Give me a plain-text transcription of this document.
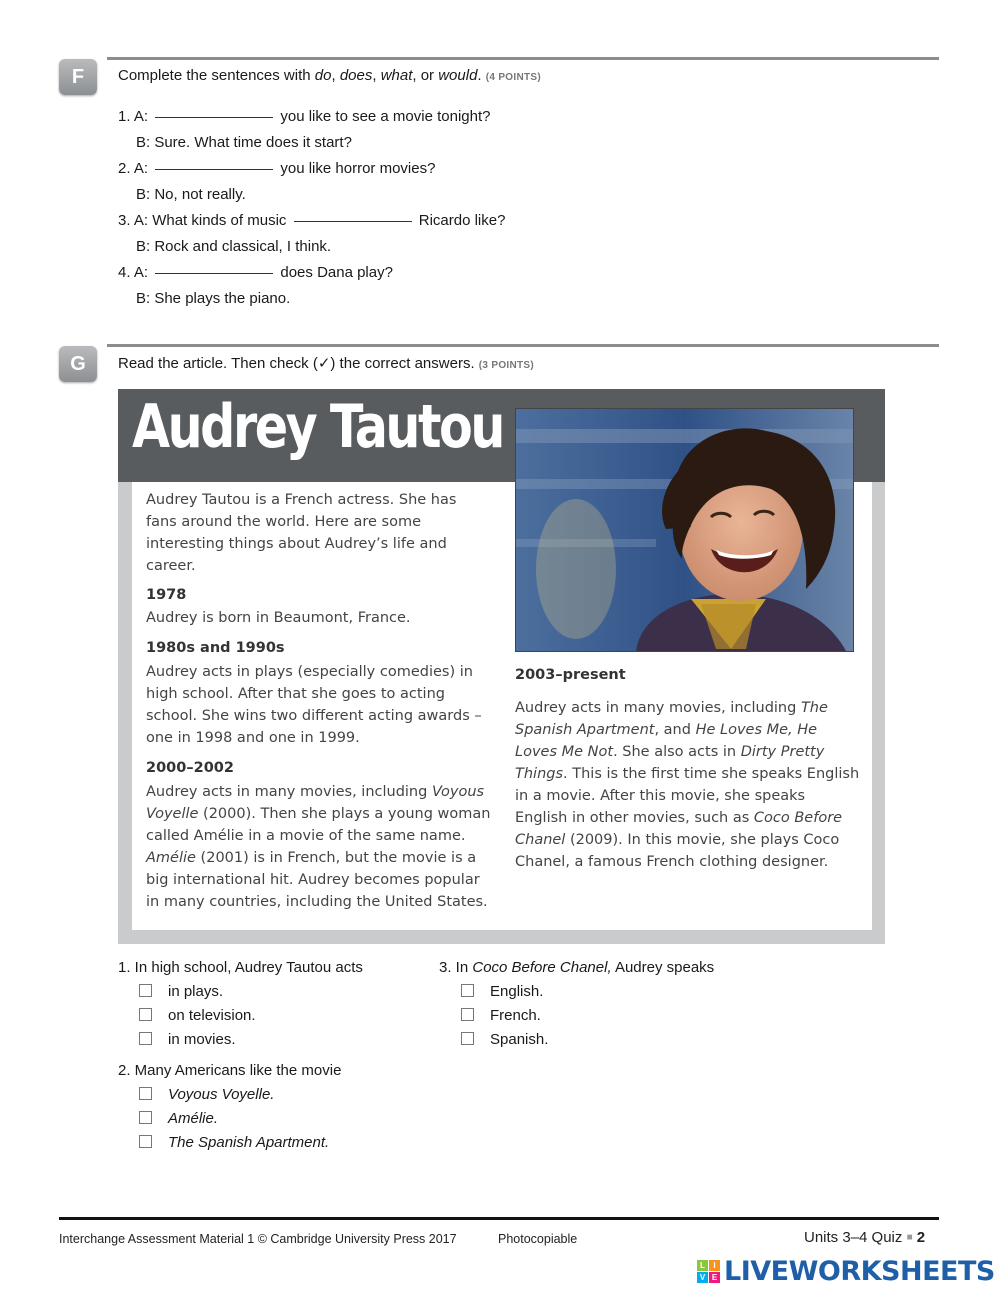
F	Complete the sentences with do, does, what, or would. (4 POINTS)
1. A:	you like to see a movie tonight?
B: Sure. What time does it start?
2. A:	you like horror movies?
B: No, not really.
3. A: What kinds of music	Ricardo like?
B: Rock and classical, I think.
4. A:	does Dana play?
B: She plays the piano.
G	Read the article. Then check (✓) the correct answers. (3 POINTS)
Audrey Tautou
Audrey Tautou is a French actress. She has fans around the world. Here are some interesting things about Audrey’s life and career.
1978
Audrey is born in Beaumont, France.
1980s and 1990s
Audrey acts in plays (especially comedies) in high school. After that she goes to acting school. She wins two different acting awards – one in 1998 and one in 1999.
2000–2002
Audrey acts in many movies, including Voyous Voyelle (2000). Then she plays a young woman called Amélie in a movie of the same name. Amélie (2001) is in French, but the movie is a big international hit. Audrey becomes popular in many countries, including the United States.
2003–present
Audrey acts in many movies, including The Spanish Apartment, and He Loves Me, He Loves Me Not. She also acts in Dirty Pretty Things. This is the first time she speaks English in a movie. After this movie, she speaks English in other movies, such as Coco Before Chanel (2009). In this movie, she plays Coco Chanel, a famous French clothing designer.
1. In high school, Audrey Tautou acts
in plays.
on television.
in movies.
2. Many Americans like the movie
Voyous Voyelle.
Amélie.
The Spanish Apartment.
3. In Coco Before Chanel, Audrey speaks
English.
French.
Spanish.
Interchange Assessment Material 1 © Cambridge University Press 2017	Photocopiable	Units 3–4 Quiz ■ 2
L	I
V E LIVEWORKSHEETS
